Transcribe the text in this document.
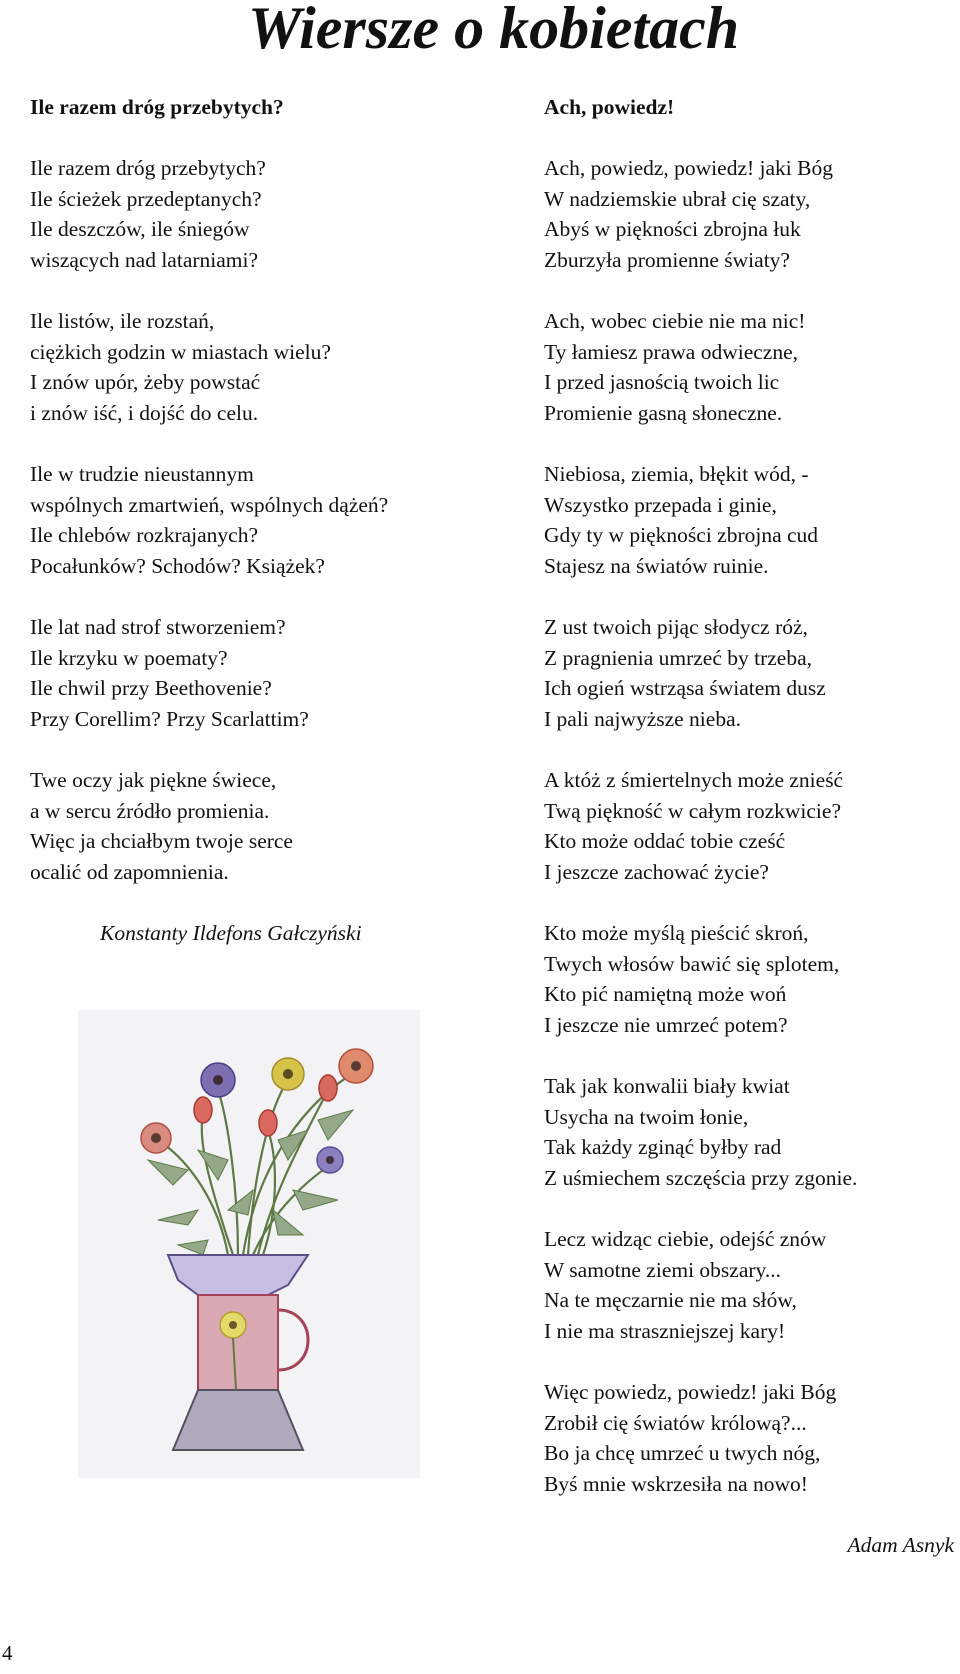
Wiersze o kobietach

Ile razem dróg przebytych?

Ile razem dróg przebytych?
Ile ścieżek przedeptanych?
Ile deszczów, ile śniegów
wiszących nad latarniami?
Ile listów, ile rozstań,
ciężkich godzin w miastach wielu?
I znów upór, żeby powstać
i znów iść, i dojść do celu.
Ile w trudzie nieustannym
wspólnych zmartwień, wspólnych dążeń?
Ile chlebów rozkrajanych?
Pocałunków? Schodów? Książek?
Ile lat nad strof stworzeniem?
Ile krzyku w poematy?
Ile chwil przy Beethovenie?
Przy Corellim? Przy Scarlattim?
Twe oczy jak piękne świece,
a w sercu źródło promienia.
Więc ja chciałbym twoje serce
ocalić od zapomnienia.
Konstanty Ildefons Gałczyński

Ach, powiedz!

Ach, powiedz, powiedz! jaki Bóg
W nadziemskie ubrał cię szaty,
Abyś w piękności zbrojna łuk
Zburzyła promienne światy?
Ach, wobec ciebie nie ma nic!
Ty łamiesz prawa odwieczne,
I przed jasnością twoich lic
Promienie gasną słoneczne.
Niebiosa, ziemia, błękit wód, -
Wszystko przepada i ginie,
Gdy ty w piękności zbrojna cud
Stajesz na światów ruinie.
Z ust twoich pijąc słodycz róż,
Z pragnienia umrzeć by trzeba,
Ich ogień wstrząsa światem dusz
I pali najwyższe nieba.
A któż z śmiertelnych może znieść
Twą piękność w całym rozkwicie?
Kto może oddać tobie cześć
I jeszcze zachować życie?
Kto może myślą pieścić skroń,
Twych włosów bawić się splotem,
Kto pić namiętną może woń
I jeszcze nie umrzeć potem?
Tak jak konwalii biały kwiat
Usycha na twoim łonie,
Tak każdy zginąć byłby rad
Z uśmiechem szczęścia przy zgonie.
Lecz widząc ciebie, odejść znów
W samotne ziemi obszary...
Na te męczarnie nie ma słów,
I nie ma straszniejszej kary!
Więc powiedz, powiedz! jaki Bóg
Zrobił cię światów królową?...
Bo ja chcę umrzeć u twych nóg,
Byś mnie wskrzesiła na nowo!
Adam Asnyk
4
